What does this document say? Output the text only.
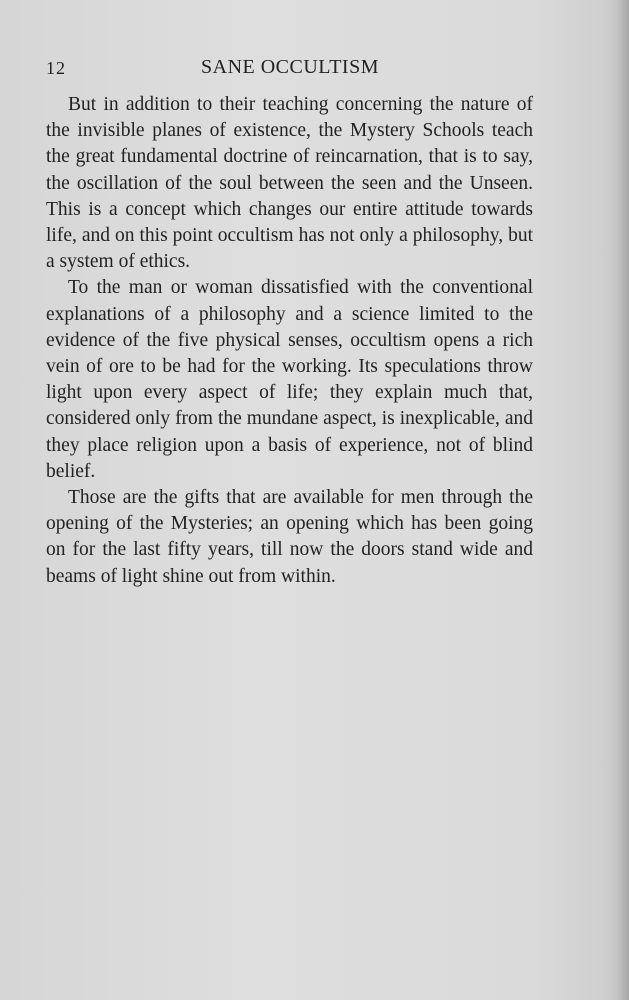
12	SANE OCCULTISM

But in addition to their teaching concerning the nature of the invisible planes of existence, the Mystery Schools teach the great fundamental doctrine of reincarnation, that is to say, the oscillation of the soul between the seen and the Unseen. This is a concept which changes our entire attitude towards life, and on this point occultism has not only a philosophy, but a system of ethics.

To the man or woman dissatisfied with the conventional explanations of a philosophy and a science limited to the evidence of the five physical senses, occultism opens a rich vein of ore to be had for the working. Its speculations throw light upon every aspect of life; they explain much that, considered only from the mundane aspect, is inexplicable, and they place religion upon a basis of experience, not of blind belief.

Those are the gifts that are available for men through the opening of the Mysteries; an opening which has been going on for the last fifty years, till now the doors stand wide and beams of light shine out from within.
